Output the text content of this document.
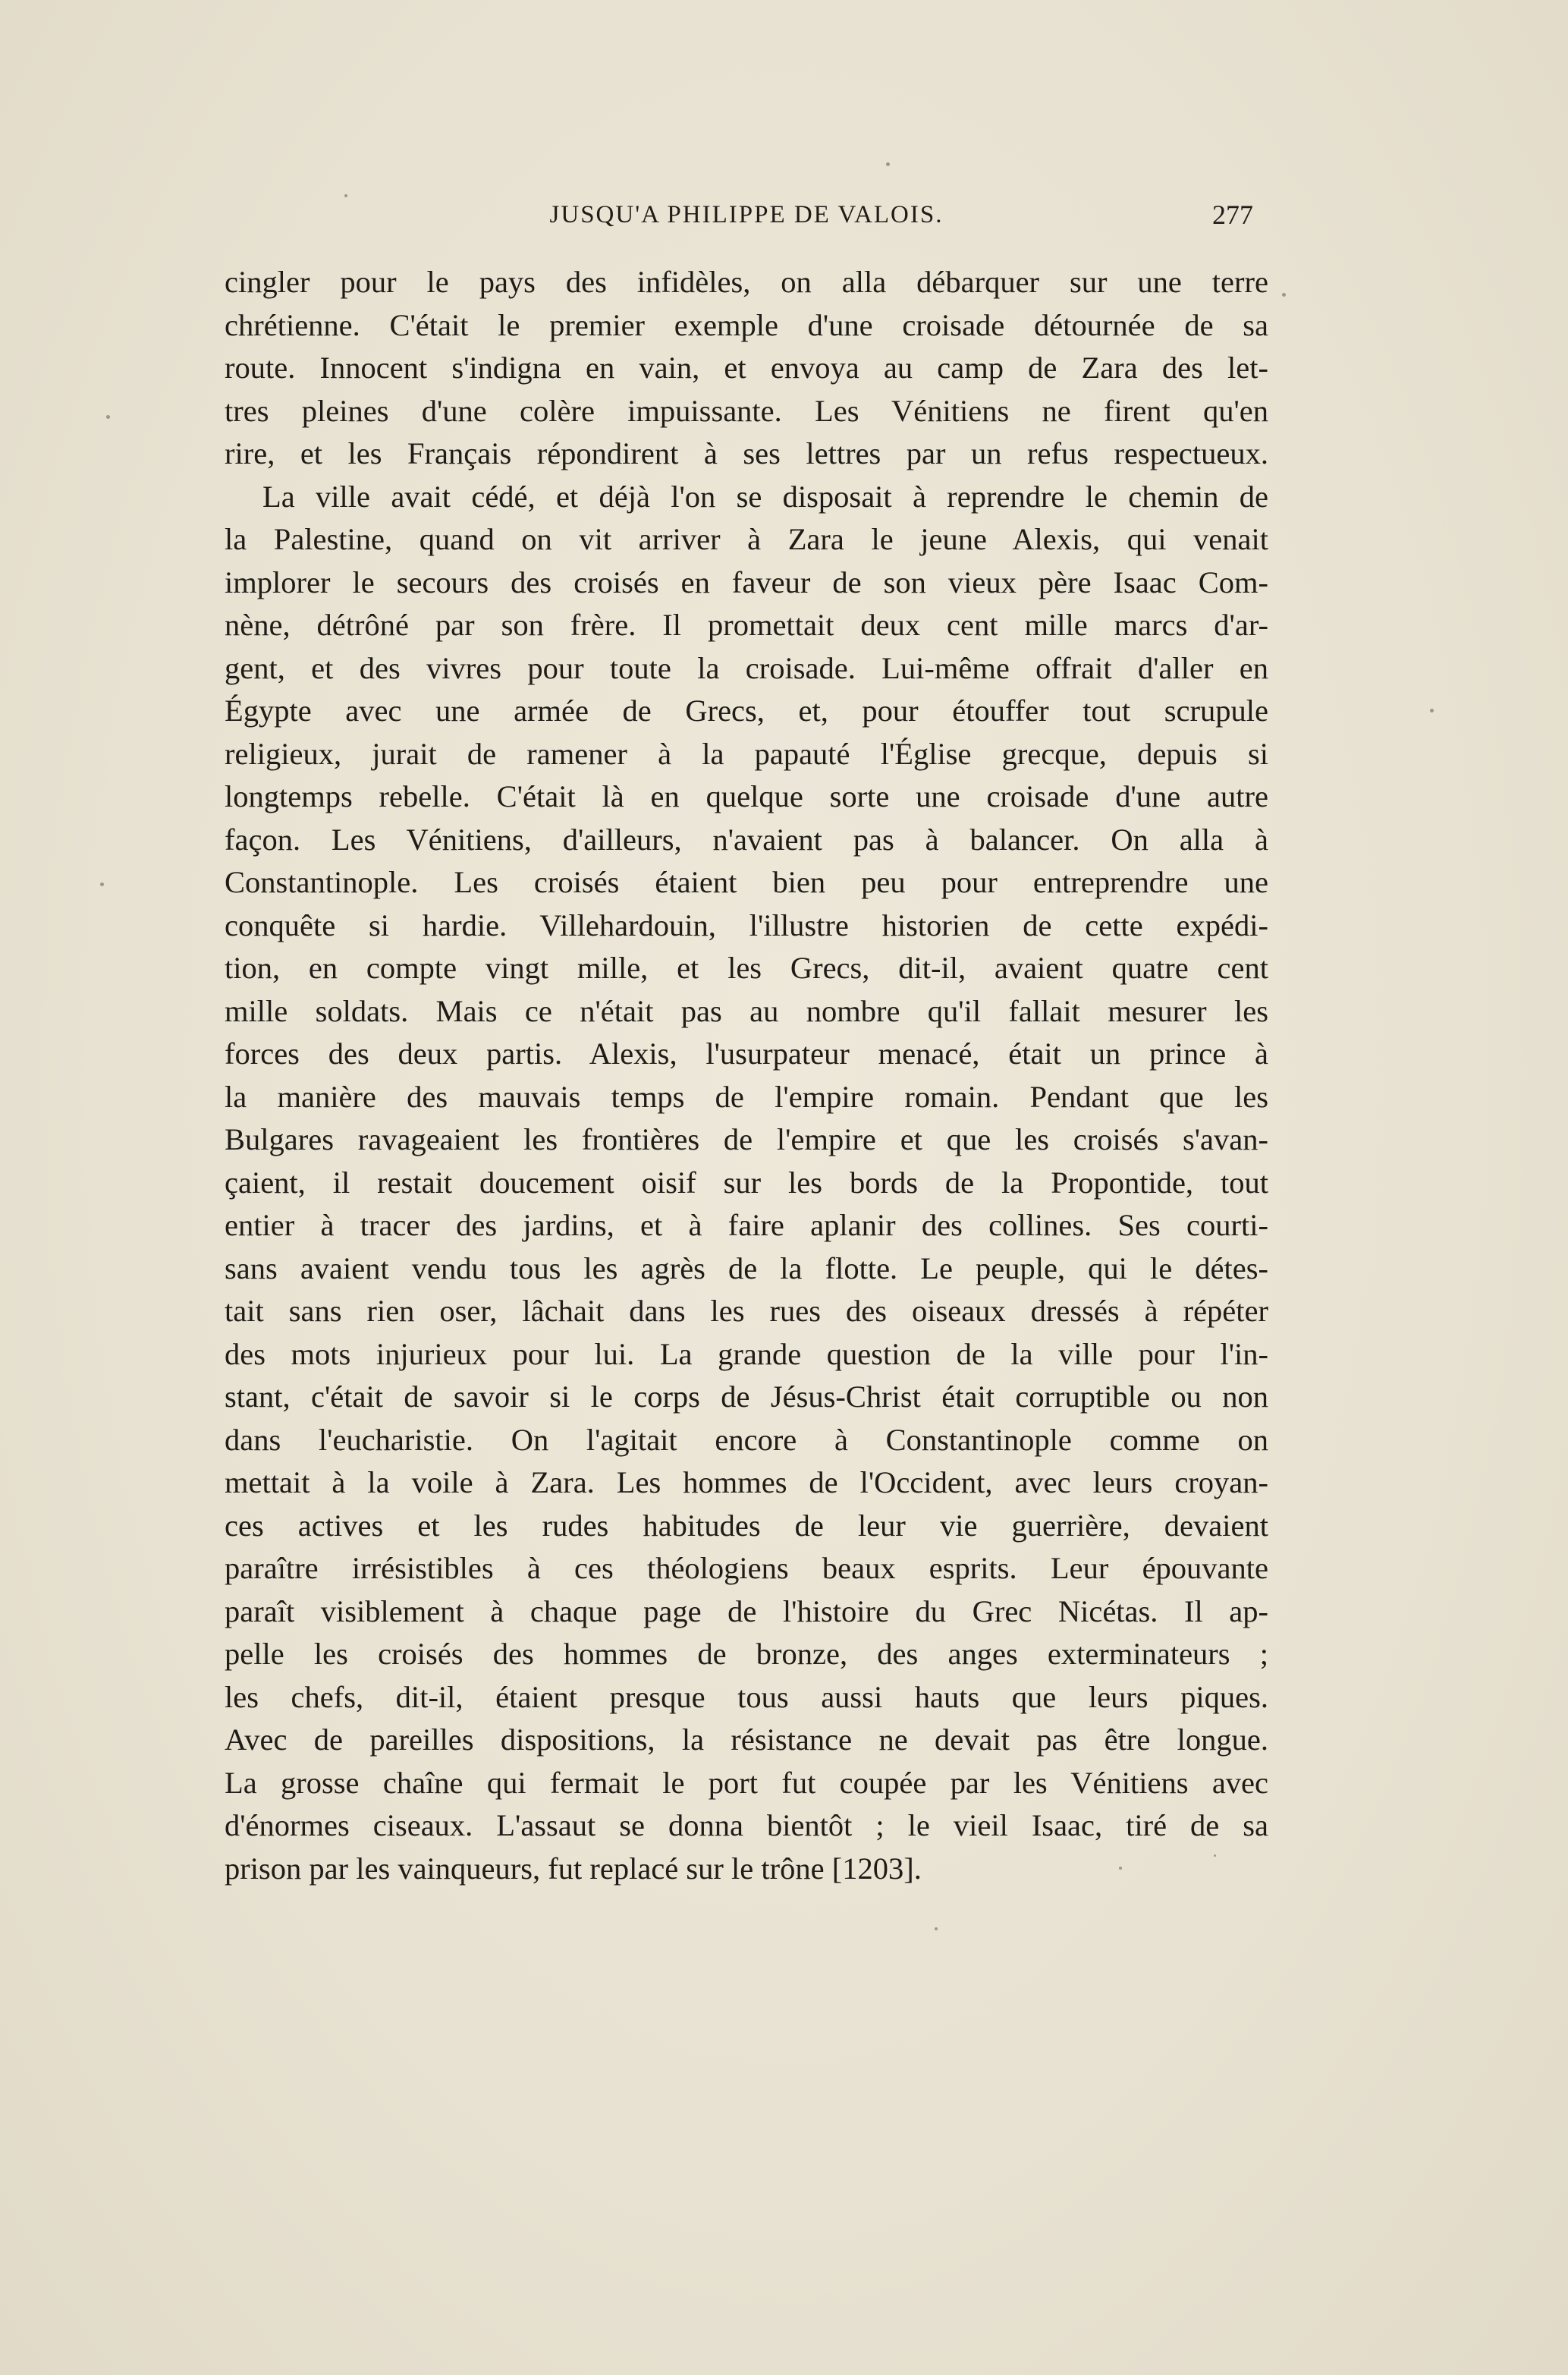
JUSQU'A PHILIPPE DE VALOIS.	277
cingler pour le pays des infidèles, on alla débarquer sur une terre
chrétienne. C'était le premier exemple d'une croisade détournée de sa
route. Innocent s'indigna en vain, et envoya au camp de Zara des let-
tres pleines d'une colère impuissante. Les Vénitiens ne firent qu'en
rire, et les Français répondirent à ses lettres par un refus respectueux.
La ville avait cédé, et déjà l'on se disposait à reprendre le chemin de
la Palestine, quand on vit arriver à Zara le jeune Alexis, qui venait
implorer le secours des croisés en faveur de son vieux père Isaac Com-
nène, détrôné par son frère. Il promettait deux cent mille marcs d'ar-
gent, et des vivres pour toute la croisade. Lui-même offrait d'aller en
Égypte avec une armée de Grecs, et, pour étouffer tout scrupule
religieux, jurait de ramener à la papauté l'Église grecque, depuis si
longtemps rebelle. C'était là en quelque sorte une croisade d'une autre
façon. Les Vénitiens, d'ailleurs, n'avaient pas à balancer. On alla à
Constantinople. Les croisés étaient bien peu pour entreprendre une
conquête si hardie. Villehardouin, l'illustre historien de cette expédi-
tion, en compte vingt mille, et les Grecs, dit-il, avaient quatre cent
mille soldats. Mais ce n'était pas au nombre qu'il fallait mesurer les
forces des deux partis. Alexis, l'usurpateur menacé, était un prince à
la manière des mauvais temps de l'empire romain. Pendant que les
Bulgares ravageaient les frontières de l'empire et que les croisés s'avan-
çaient, il restait doucement oisif sur les bords de la Propontide, tout
entier à tracer des jardins, et à faire aplanir des collines. Ses courti-
sans avaient vendu tous les agrès de la flotte. Le peuple, qui le détes-
tait sans rien oser, lâchait dans les rues des oiseaux dressés à répéter
des mots injurieux pour lui. La grande question de la ville pour l'in-
stant, c'était de savoir si le corps de Jésus-Christ était corruptible ou non
dans l'eucharistie. On l'agitait encore à Constantinople comme on
mettait à la voile à Zara. Les hommes de l'Occident, avec leurs croyan-
ces actives et les rudes habitudes de leur vie guerrière, devaient
paraître irrésistibles à ces théologiens beaux esprits. Leur épouvante
paraît visiblement à chaque page de l'histoire du Grec Nicétas. Il ap-
pelle les croisés des hommes de bronze, des anges exterminateurs ;
les chefs, dit-il, étaient presque tous aussi hauts que leurs piques.
Avec de pareilles dispositions, la résistance ne devait pas être longue.
La grosse chaîne qui fermait le port fut coupée par les Vénitiens avec
d'énormes ciseaux. L'assaut se donna bientôt ; le vieil Isaac, tiré de sa
prison par les vainqueurs, fut replacé sur le trône [1203].
